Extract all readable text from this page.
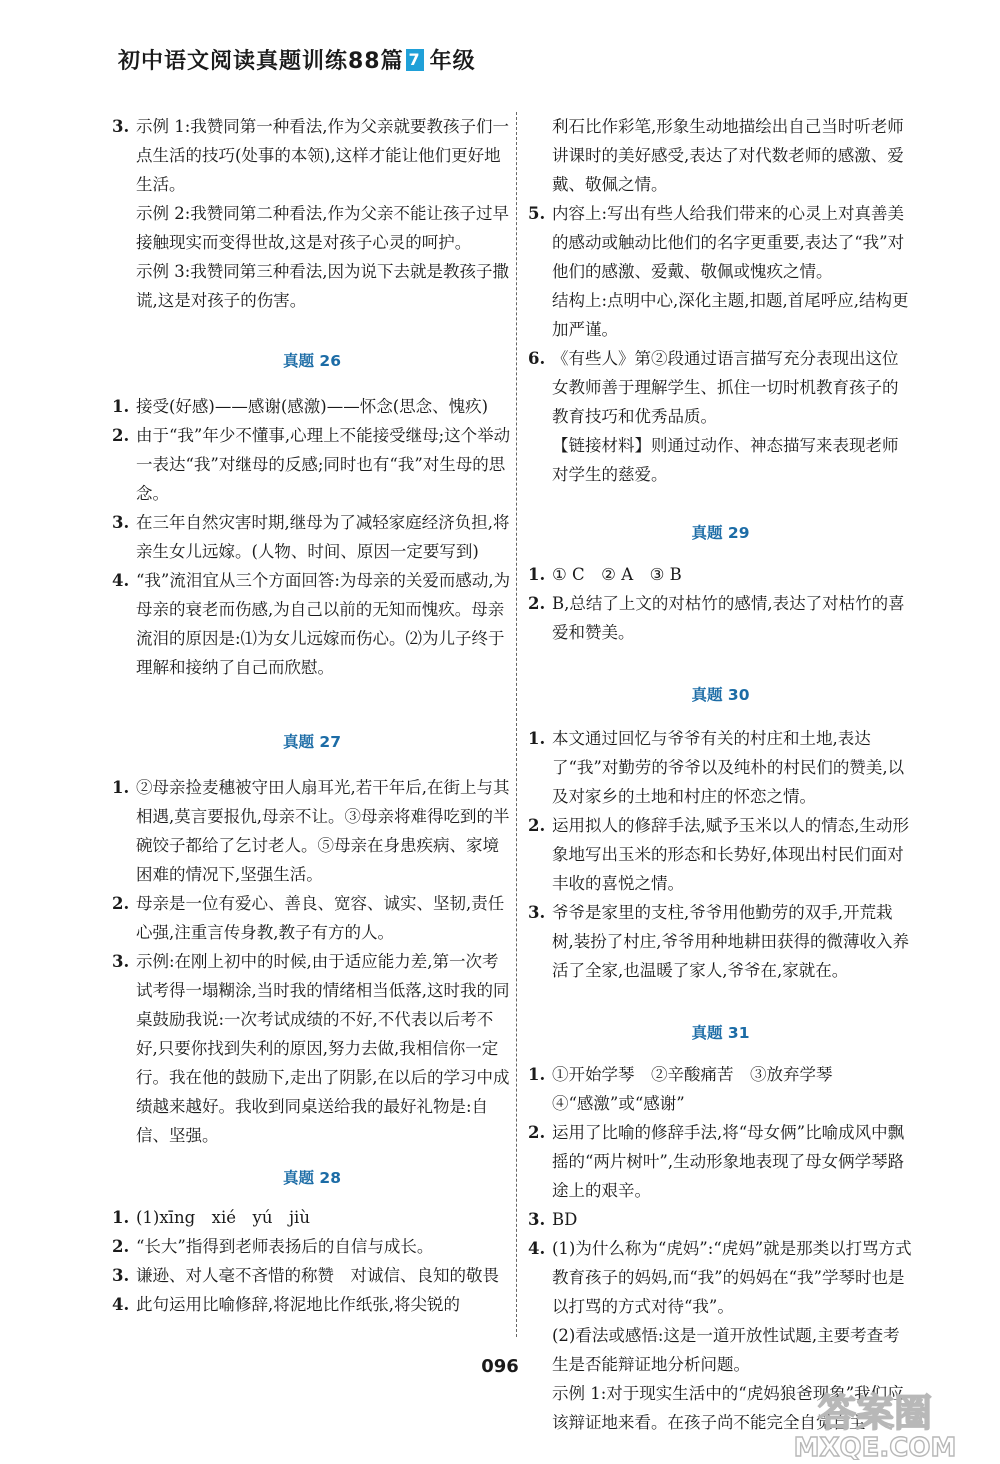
初中语文阅读真题训练88篇 7 年级
3. 示例 1:我赞同第一种看法,作为父亲就要教孩子们一点生活的技巧(处事的本领),这样才能让他们更好地生活。
示例 2:我赞同第二种看法,作为父亲不能让孩子过早接触现实而变得世故,这是对孩子心灵的呵护。
示例 3:我赞同第三种看法,因为说下去就是教孩子撒谎,这是对孩子的伤害。

真题 26

1. 接受(好感)——感谢(感激)——怀念(思念、愧疚)
2. 由于“我”年少不懂事,心理上不能接受继母;这个举动一表达“我”对继母的反感;同时也有“我”对生母的思念。
3. 在三年自然灾害时期,继母为了减轻家庭经济负担,将亲生女儿远嫁。(人物、时间、原因一定要写到)
4. “我”流泪宜从三个方面回答:为母亲的关爱而感动,为母亲的衰老而伤感,为自己以前的无知而愧疚。母亲流泪的原因是:⑴为女儿远嫁而伤心。⑵为儿子终于理解和接纳了自己而欣慰。

真题 27

1. ②母亲捡麦穗被守田人扇耳光,若干年后,在街上与其相遇,莫言要报仇,母亲不让。③母亲将难得吃到的半碗饺子都给了乞讨老人。⑤母亲在身患疾病、家境困难的情况下,坚强生活。
2. 母亲是一位有爱心、善良、宽容、诚实、坚韧,责任心强,注重言传身教,教子有方的人。
3. 示例:在刚上初中的时候,由于适应能力差,第一次考试考得一塌糊涂,当时我的情绪相当低落,这时我的同桌鼓励我说:一次考试成绩的不好,不代表以后考不好,只要你找到失利的原因,努力去做,我相信你一定行。我在他的鼓励下,走出了阴影,在以后的学习中成绩越来越好。我收到同桌送给我的最好礼物是:自信、坚强。

真题 28

1. (1)xīng　xié　yú　jiù
2. “长大”指得到老师表扬后的自信与成长。
3. 谦逊、对人毫不吝惜的称赞　对诚信、良知的敬畏
4. 此句运用比喻修辞,将泥地比作纸张,将尖锐的
利石比作彩笔,形象生动地描绘出自己当时听老师讲课时的美好感受,表达了对代数老师的感激、爱戴、敬佩之情。
5. 内容上:写出有些人给我们带来的心灵上对真善美的感动或触动比他们的名字更重要,表达了“我”对他们的感激、爱戴、敬佩或愧疚之情。
结构上:点明中心,深化主题,扣题,首尾呼应,结构更加严谨。
6. 《有些人》第②段通过语言描写充分表现出这位女教师善于理解学生、抓住一切时机教育孩子的教育技巧和优秀品质。
【链接材料】则通过动作、神态描写来表现老师对学生的慈爱。

真题 29

1. ① C　② A　③ B
2. B,总结了上文的对枯竹的感情,表达了对枯竹的喜爱和赞美。

真题 30

1. 本文通过回忆与爷爷有关的村庄和土地,表达了“我”对勤劳的爷爷以及纯朴的村民们的赞美,以及对家乡的土地和村庄的怀恋之情。
2. 运用拟人的修辞手法,赋予玉米以人的情态,生动形象地写出玉米的形态和长势好,体现出村民们面对丰收的喜悦之情。
3. 爷爷是家里的支柱,爷爷用他勤劳的双手,开荒栽树,装扮了村庄,爷爷用种地耕田获得的微薄收入养活了全家,也温暖了家人,爷爷在,家就在。

真题 31

1. ①开始学琴　②辛酸痛苦　③放弃学琴
④“感激”或“感谢”
2. 运用了比喻的修辞手法,将“母女俩”比喻成风中飘摇的“两片树叶”,生动形象地表现了母女俩学琴路途上的艰辛。
3. BD
4. (1)为什么称为“虎妈”:“虎妈”就是那类以打骂方式教育孩子的妈妈,而“我”的妈妈在“我”学琴时也是以打骂的方式对待“我”。
(2)看法或感悟:这是一道开放性试题,主要考查考生是否能辩证地分析问题。
示例 1:对于现实生活中的“虎妈狼爸现象”我们应该辩证地来看。在孩子尚不能完全自觉自主
096
答案圈
MXQE.COM
